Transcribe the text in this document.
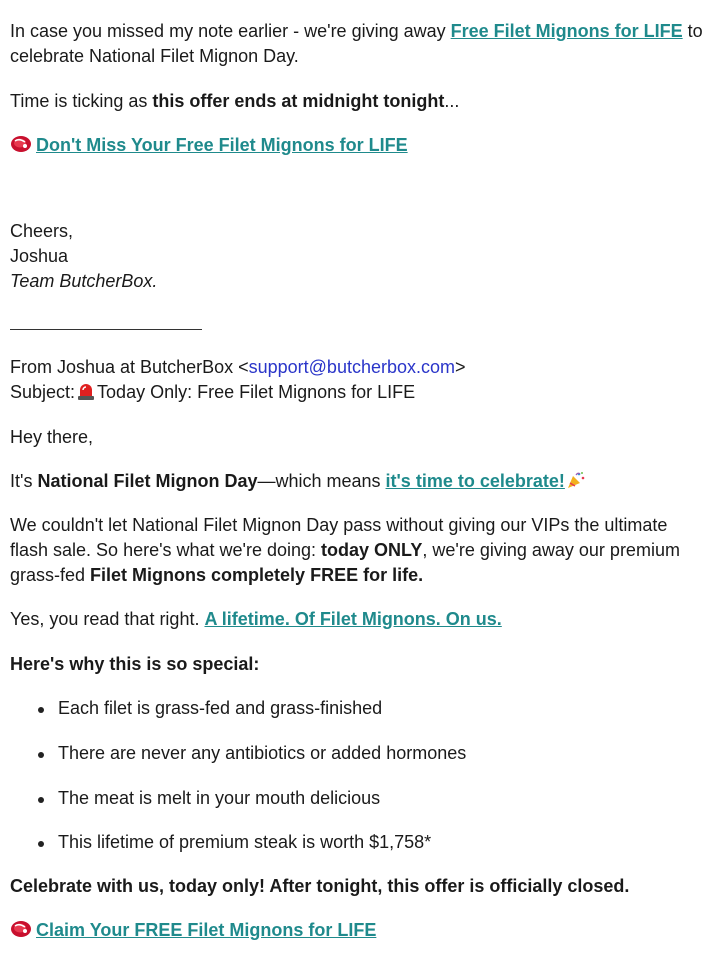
In case you missed my note earlier - we're giving away Free Filet Mignons for LIFE to
celebrate National Filet Mignon Day.
Time is ticking as this offer ends at midnight tonight...
Don't Miss Your Free Filet Mignons for LIFE
Cheers,
Joshua
Team ButcherBox.
From Joshua at ButcherBox <support@butcherbox.com>
Subject: Today Only: Free Filet Mignons for LIFE
Hey there,
It's National Filet Mignon Day—which means it's time to celebrate!
We couldn't let National Filet Mignon Day pass without giving our VIPs the ultimate
flash sale. So here's what we're doing: today ONLY, we're giving away our premium
grass-fed Filet Mignons completely FREE for life.
Yes, you read that right. A lifetime. Of Filet Mignons. On us.
Here's why this is so special:
Each filet is grass-fed and grass-finished
There are never any antibiotics or added hormones
The meat is melt in your mouth delicious
This lifetime of premium steak is worth $1,758*
Celebrate with us, today only! After tonight, this offer is officially closed.
Claim Your FREE Filet Mignons for LIFE
